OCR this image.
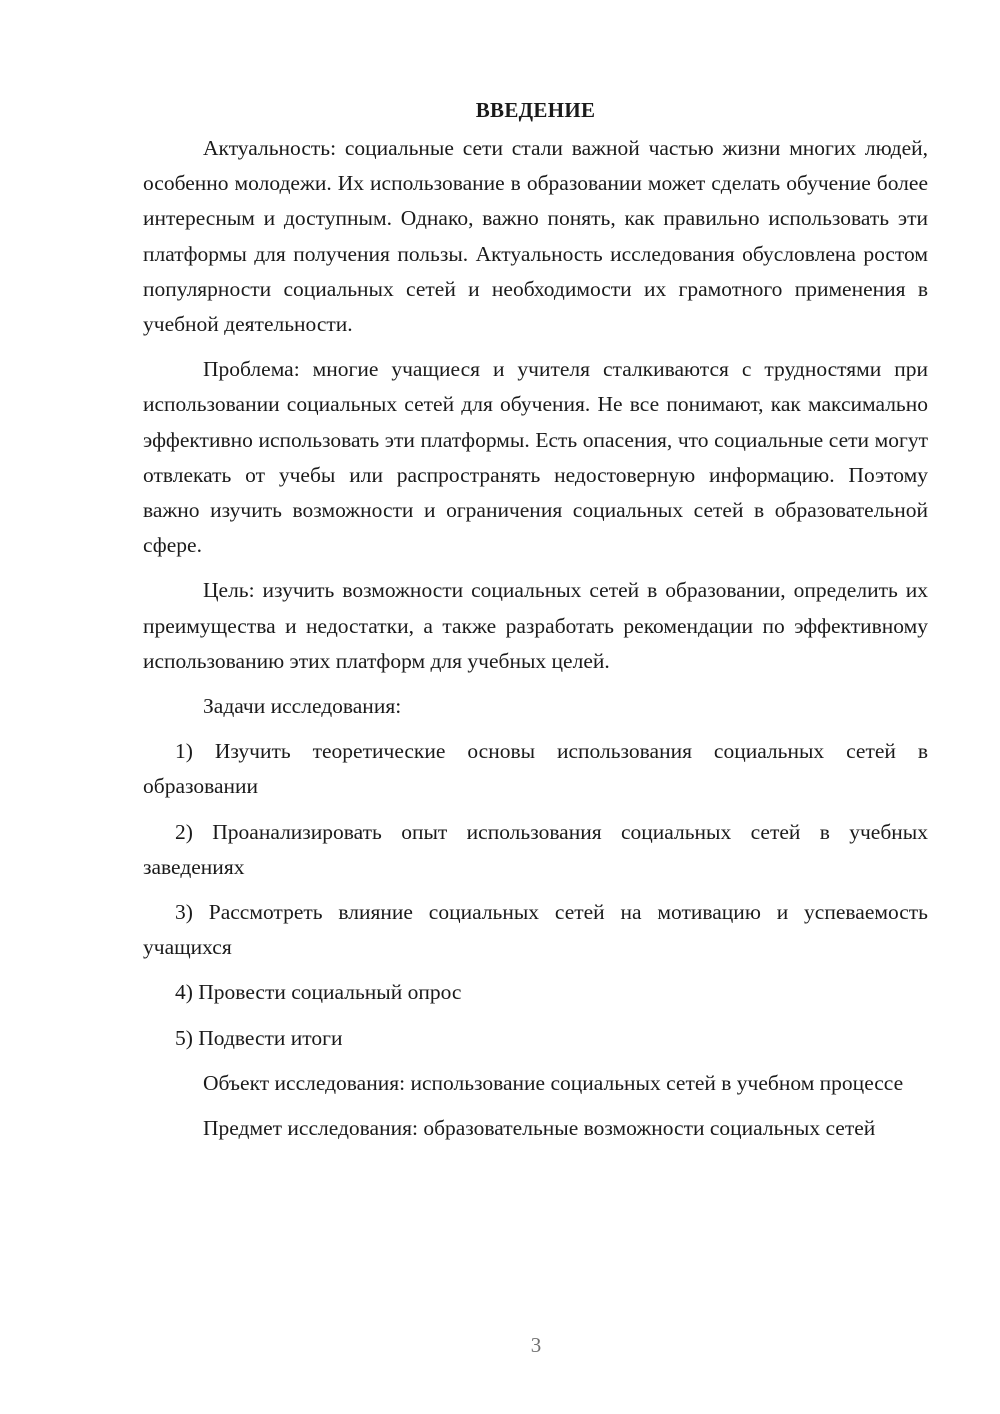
ВВЕДЕНИЕ

Актуальность: социальные сети стали важной частью жизни многих людей, особенно молодежи. Их использование в образовании может сделать обучение более интересным и доступным. Однако, важно понять, как правильно использовать эти платформы для получения пользы. Актуальность исследования обусловлена ростом популярности социальных сетей и необходимости их грамотного применения в учебной деятельности.

Проблема: многие учащиеся и учителя сталкиваются с трудностями при использовании социальных сетей для обучения. Не все понимают, как максимально эффективно использовать эти платформы. Есть опасения, что социальные сети могут отвлекать от учебы или распространять недостоверную информацию. Поэтому важно изучить возможности и ограничения социальных сетей в образовательной сфере.

Цель: изучить возможности социальных сетей в образовании, определить их преимущества и недостатки, а также разработать рекомендации по эффективному использованию этих платформ для учебных целей.

Задачи исследования:

1) Изучить теоретические основы использования социальных сетей в образовании

2) Проанализировать опыт использования социальных сетей в учебных заведениях

3) Рассмотреть влияние социальных сетей на мотивацию и успеваемость учащихся

4) Провести социальный опрос

5) Подвести итоги

Объект исследования: использование социальных сетей в учебном процессе

Предмет исследования: образовательные возможности социальных сетей

3
